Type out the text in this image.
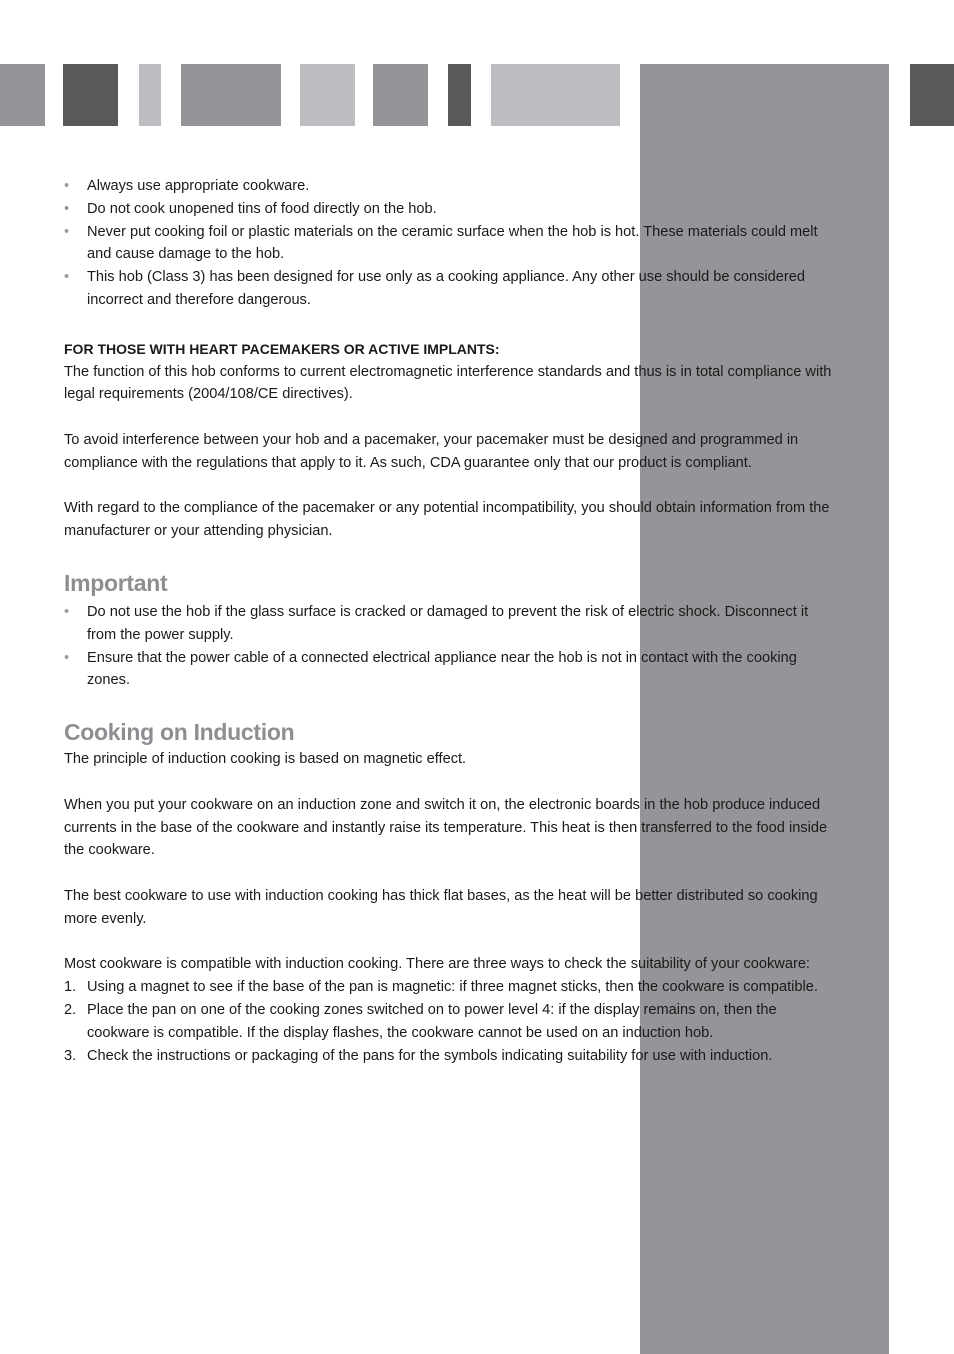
• Always use appropriate cookware.
• Do not cook unopened tins of food directly on the hob.
• Never put cooking foil or plastic materials on the ceramic surface when the hob is hot. These materials could melt and cause damage to the hob.
• This hob (Class 3) has been designed for use only as a cooking appliance. Any other use should be considered incorrect and therefore dangerous.

FOR THOSE WITH HEART PACEMAKERS OR ACTIVE IMPLANTS:

The function of this hob conforms to current electromagnetic interference standards and thus is in total compliance with legal requirements (2004/108/CE directives).

To avoid interference between your hob and a pacemaker, your pacemaker must be designed and programmed in compliance with the regulations that apply to it. As such, CDA guarantee only that our product is compliant.

With regard to the compliance of the pacemaker or any potential incompatibility, you should obtain information from the manufacturer or your attending physician.

Important
• Do not use the hob if the glass surface is cracked or damaged to prevent the risk of electric shock. Disconnect it from the power supply.
• Ensure that the power cable of a connected electrical appliance near the hob is not in contact with the cooking zones.
Cooking on Induction

The principle of induction cooking is based on magnetic effect.

When you put your cookware on an induction zone and switch it on, the electronic boards in the hob produce induced currents in the base of the cookware and instantly raise its temperature. This heat is then transferred to the food inside the cookware.

The best cookware to use with induction cooking has thick flat bases, as the heat will be better distributed so cooking more evenly.

Most cookware is compatible with induction cooking. There are three ways to check the suitability of your cookware:

1. Using a magnet to see if the base of the pan is magnetic: if three magnet sticks, then the cookware is compatible.
2. Place the pan on one of the cooking zones switched on to power level 4: if the display remains on, then the cookware is compatible. If the display flashes, the cookware cannot be used on an induction hob.
3. Check the instructions or packaging of the pans for the symbols indicating suitability for use with induction.
